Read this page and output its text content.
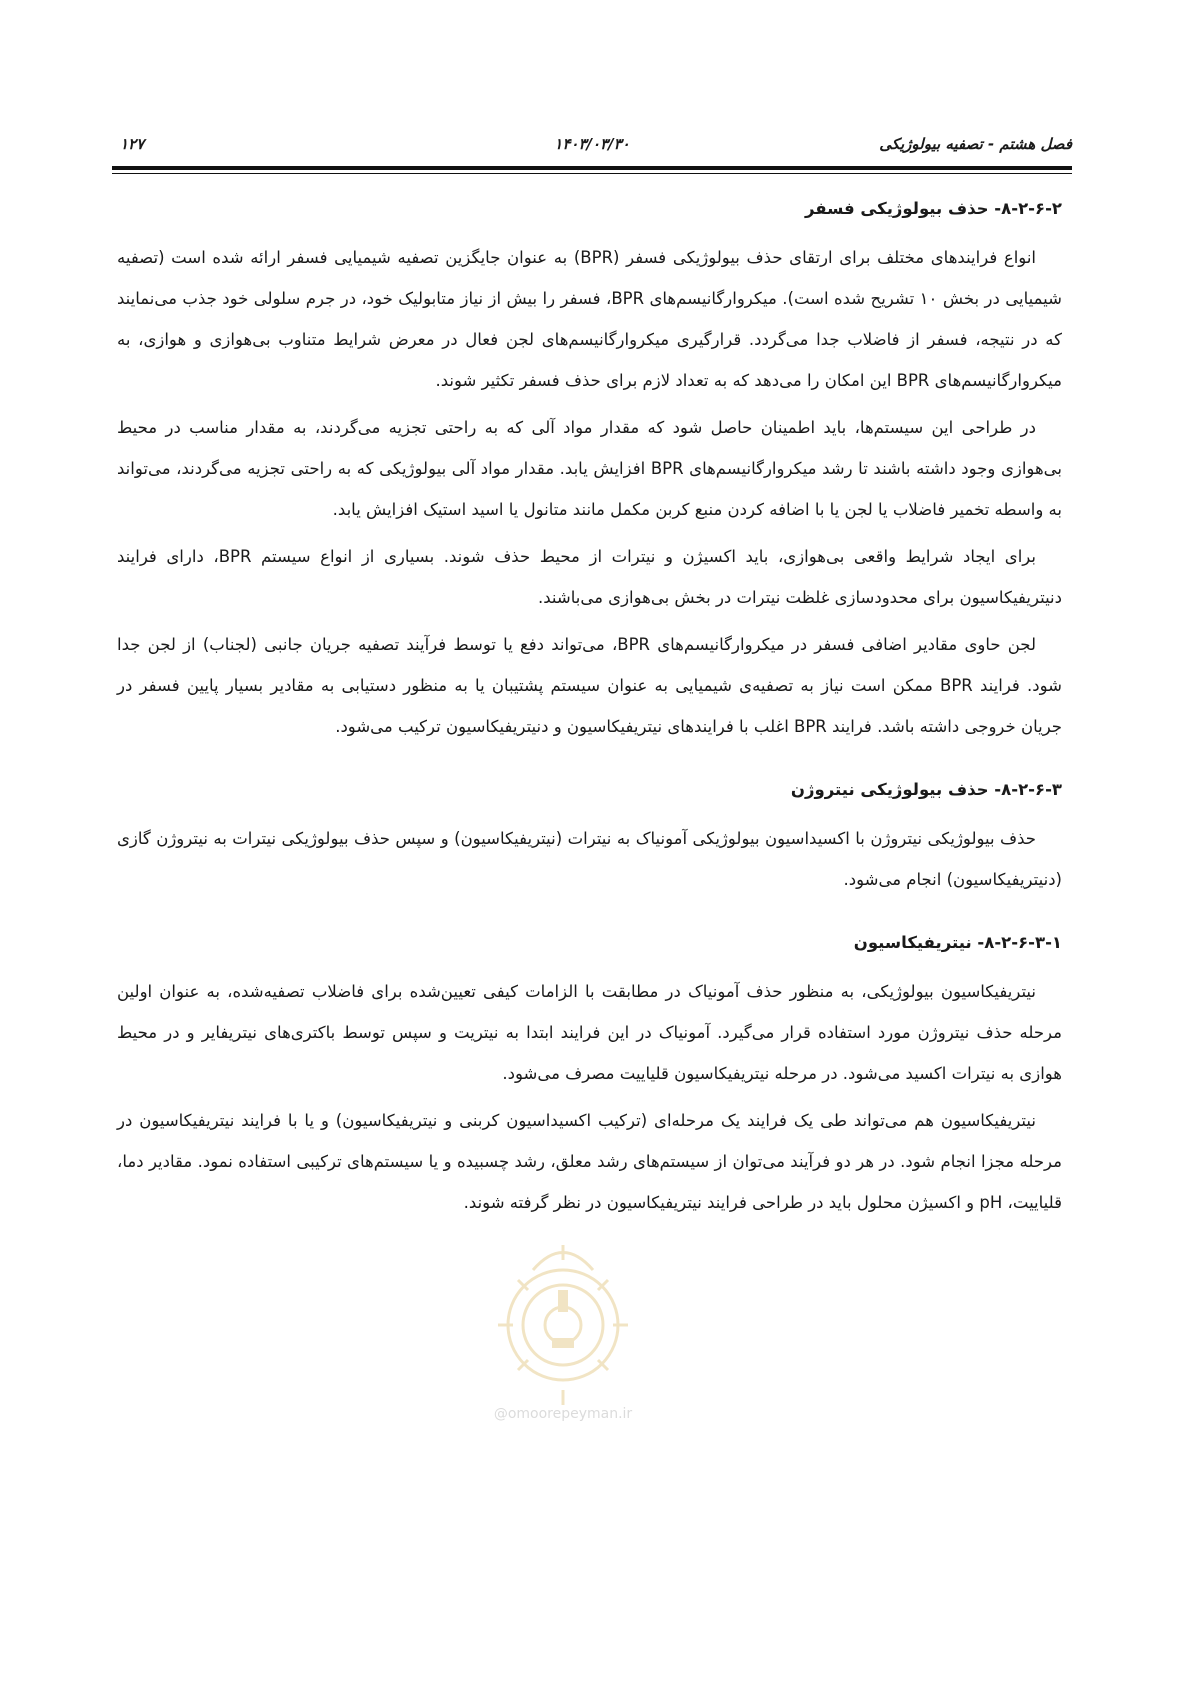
فصل هشتم - تصفیه بیولوژیکی
۱۴۰۳/۰۳/۳۰
۱۲۷
۸-۲-۶-۲- حذف بیولوژیکی فسفر

انواع فرایندهای مختلف برای ارتقای حذف بیولوژیکی فسفر (BPR) به عنوان جایگزین تصفیه شیمیایی فسفر ارائه شده است (تصفیه شیمیایی در بخش ۱۰ تشریح شده است). میکروارگانیسم‌های BPR، فسفر را بیش از نیاز متابولیک خود، در جرم سلولی خود جذب می‌نمایند که در نتیجه، فسفر از فاضلاب جدا می‌گردد. قرارگیری میکروارگانیسم‌های لجن فعال در معرض شرایط متناوب بی‌هوازی و هوازی، به میکروارگانیسم‌های BPR این امکان را می‌دهد که به تعداد لازم برای حذف فسفر تکثیر شوند.

در طراحی این سیستم‌ها، باید اطمینان حاصل شود که مقدار مواد آلی که به راحتی تجزیه می‌گردند، به مقدار مناسب در محیط بی‌هوازی وجود داشته باشند تا رشد میکروارگانیسم‌های BPR افزایش یابد. مقدار مواد آلی بیولوژیکی که به راحتی تجزیه می‌گردند، می‌تواند به واسطه تخمیر فاضلاب یا لجن یا با اضافه کردن منبع کربن مکمل مانند متانول یا اسید استیک افزایش یابد.

برای ایجاد شرایط واقعی بی‌هوازی، باید اکسیژن و نیترات از محیط حذف شوند. بسیاری از انواع سیستم BPR، دارای فرایند دنیتریفیکاسیون برای محدودسازی غلظت نیترات در بخش بی‌هوازی می‌باشند.

لجن حاوی مقادیر اضافی فسفر در میکروارگانیسم‌های BPR، می‌تواند دفع یا توسط فرآیند تصفیه جریان جانبی (لجناب) از لجن جدا شود. فرایند BPR ممکن است نیاز به تصفیه‌ی شیمیایی به عنوان سیستم پشتیبان یا به منظور دستیابی به مقادیر بسیار پایین فسفر در جریان خروجی داشته باشد. فرایند BPR اغلب با فرایندهای نیتریفیکاسیون و دنیتریفیکاسیون ترکیب می‌شود.

۸-۲-۶-۳- حذف بیولوژیکی نیتروژن

حذف بیولوژیکی نیتروژن با اکسیداسیون بیولوژیکی آمونیاک به نیترات (نیتریفیکاسیون) و سپس حذف بیولوژیکی نیترات به نیتروژن گازی (دنیتریفیکاسیون) انجام می‌شود.

۸-۲-۶-۳-۱- نیتریفیکاسیون

نیتریفیکاسیون بیولوژیکی، به منظور حذف آمونیاک در مطابقت با الزامات کیفی تعیین‌شده برای فاضلاب تصفیه‌شده، به عنوان اولین مرحله حذف نیتروژن مورد استفاده قرار می‌گیرد. آمونیاک در این فرایند ابتدا به نیتریت و سپس توسط باکتری‌های نیتریفایر و در محیط هوازی به نیترات اکسید می‌شود. در مرحله نیتریفیکاسیون قلیاییت مصرف می‌شود.

نیتریفیکاسیون هم می‌تواند طی یک فرایند یک مرحله‌ای (ترکیب اکسیداسیون کربنی و نیتریفیکاسیون) و یا با فرایند نیتریفیکاسیون در مرحله مجزا انجام شود. در هر دو فرآیند می‌توان از سیستم‌های رشد معلق، رشد چسبیده و یا سیستم‌های ترکیبی استفاده نمود. مقادیر دما، قلیاییت، pH و اکسیژن محلول باید در طراحی فرایند نیتریفیکاسیون در نظر گرفته شوند.

@omoorepeyman.ir
